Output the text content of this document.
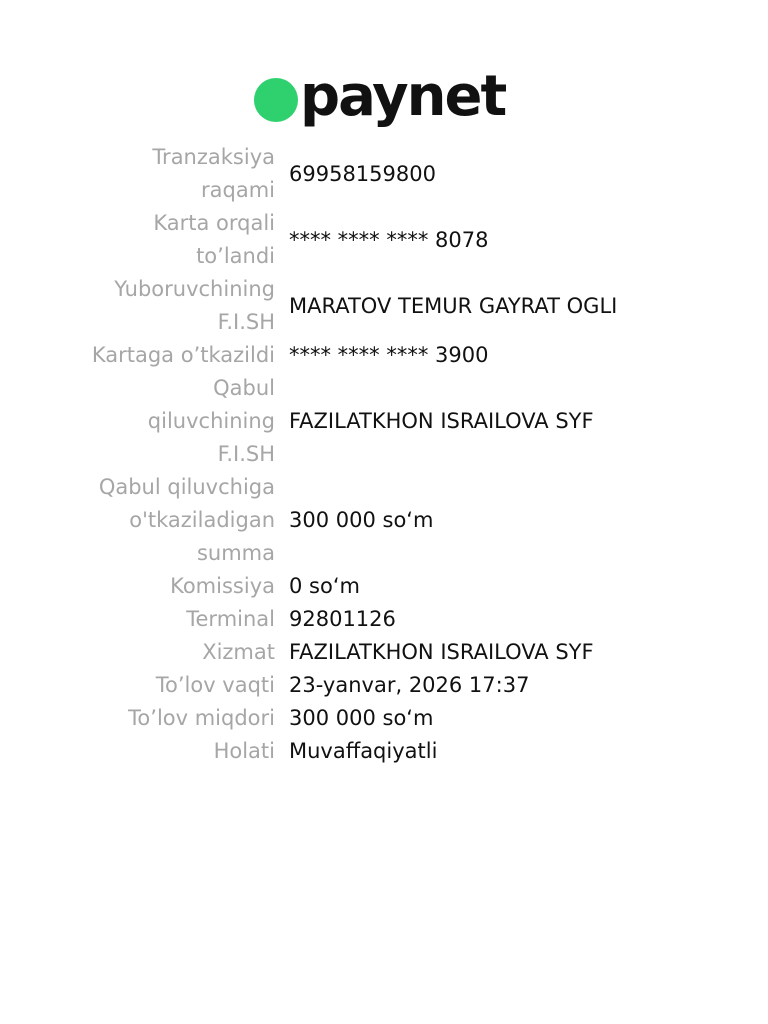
paynet
Tranzaksiya
raqami
69958159800
Karta orqali
to’landi
**** **** **** 8078
Yuboruvchining
F.I.SH
MARATOV TEMUR GAYRAT OGLI
Kartaga o’tkazildi **** **** **** 3900
Qabul
qiluvchining
F.I.SH
FAZILATKHON ISRAILOVA SYF
Qabul qiluvchiga
o'tkaziladigan
summa
300 000 so‘m
Komissiya 0 so‘m
Terminal 92801126
Xizmat FAZILATKHON ISRAILOVA SYF
To’lov vaqti 23-yanvar, 2026 17:37
To’lov miqdori 300 000 so‘m
Holati Muvaffaqiyatli
